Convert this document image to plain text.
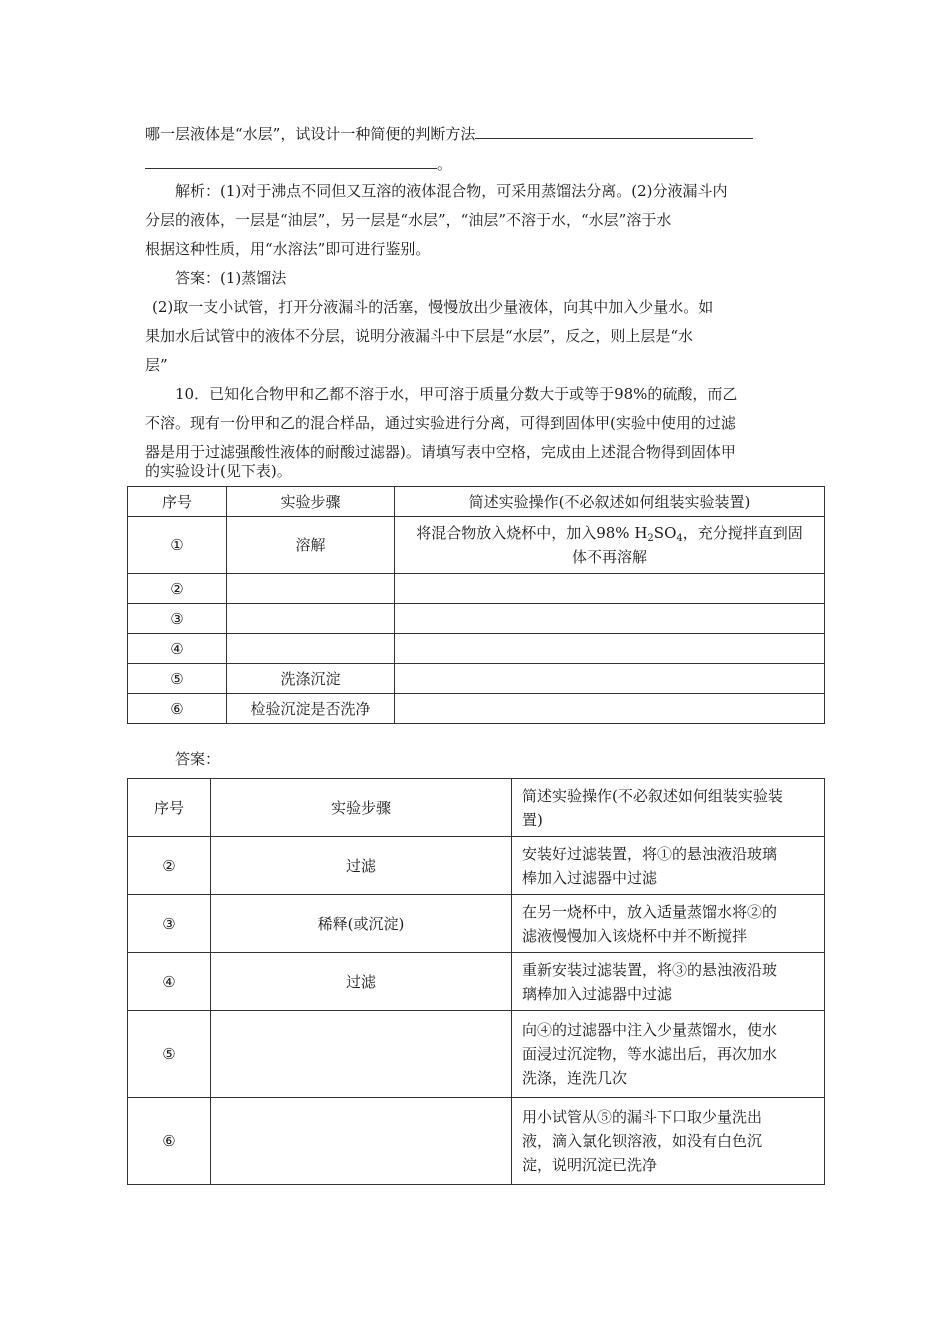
哪一层液体是“水层”，试设计一种简便的判断方法
。
解析：(1)对于沸点不同但又互溶的液体混合物，可采用蒸馏法分离。(2)分液漏斗内
分层的液体，一层是“油层”，另一层是“水层”，“油层”不溶于水，“水层”溶于水
根据这种性质，用“水溶法”即可进行鉴别。
答案：(1)蒸馏法
(2)取一支小试管，打开分液漏斗的活塞，慢慢放出少量液体，向其中加入少量水。如
果加水后试管中的液体不分层，说明分液漏斗中下层是“水层”，反之，则上层是“水
层”
10．已知化合物甲和乙都不溶于水，甲可溶于质量分数大于或等于98%的硫酸，而乙
不溶。现有一份甲和乙的混合样品，通过实验进行分离，可得到固体甲(实验中使用的过滤
器是用于过滤强酸性液体的耐酸过滤器)。请填写表中空格，完成由上述混合物得到固体甲
的实验设计(见下表)。
序号	实验步骤	简述实验操作(不必叙述如何组装实验装置)
①	溶解	将混合物放入烧杯中，加入98% $H_2SO_4$，充分搅拌直到固
体不再溶解

②		
③		
④		
⑤	洗涤沉淀	
⑥	检验沉淀是否洗净	
答案：
序号	实验步骤	简述实验操作(不必叙述如何组装实验装
置)

②	过滤	安装好过滤装置，将①的悬浊液沿玻璃
棒加入过滤器中过滤

③	稀释(或沉淀)	在另一烧杯中，放入适量蒸馏水将②的
滤液慢慢加入该烧杯中并不断搅拌

④	过滤	重新安装过滤装置，将③的悬浊液沿玻
璃棒加入过滤器中过滤

⑤		向④的过滤器中注入少量蒸馏水，使水
面浸过沉淀物，等水滤出后，再次加水
洗涤，连洗几次

⑥		用小试管从⑤的漏斗下口取少量洗出
液，滴入氯化钡溶液，如没有白色沉
淀，说明沉淀已洗净
